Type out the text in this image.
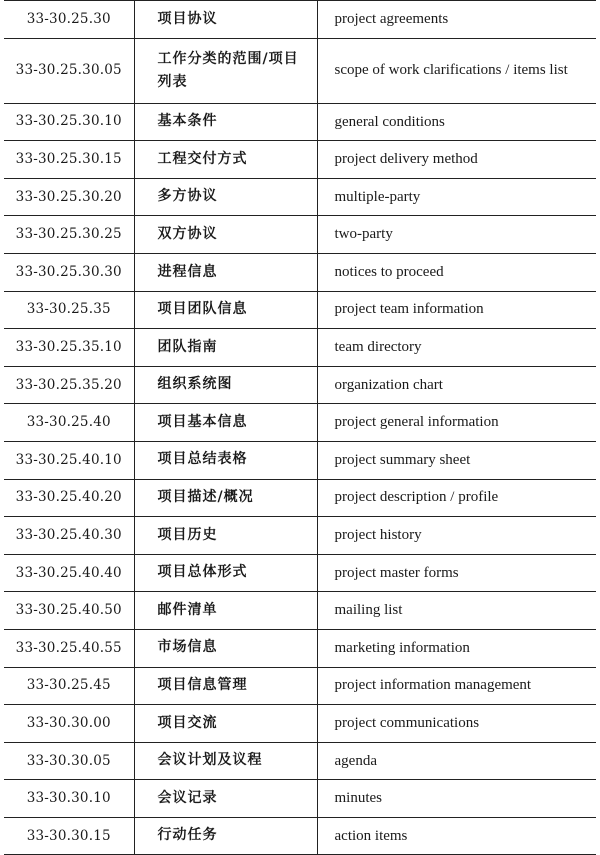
33-30.25.30	项目协议	project agreements
33-30.25.30.05	工作分类的范围/项目列表	scope of work clarifications / items list
33-30.25.30.10	基本条件	general conditions
33-30.25.30.15	工程交付方式	project delivery method
33-30.25.30.20	多方协议	multiple-party
33-30.25.30.25	双方协议	two-party
33-30.25.30.30	进程信息	notices to proceed
33-30.25.35	项目团队信息	project team information
33-30.25.35.10	团队指南	team directory
33-30.25.35.20	组织系统图	organization chart
33-30.25.40	项目基本信息	project general information
33-30.25.40.10	项目总结表格	project summary sheet
33-30.25.40.20	项目描述/概况	project description / profile
33-30.25.40.30	项目历史	project history
33-30.25.40.40	项目总体形式	project master forms
33-30.25.40.50	邮件清单	mailing list
33-30.25.40.55	市场信息	marketing information
33-30.25.45	项目信息管理	project information management
33-30.30.00	项目交流	project communications
33-30.30.05	会议计划及议程	agenda
33-30.30.10	会议记录	minutes
33-30.30.15	行动任务	action items
